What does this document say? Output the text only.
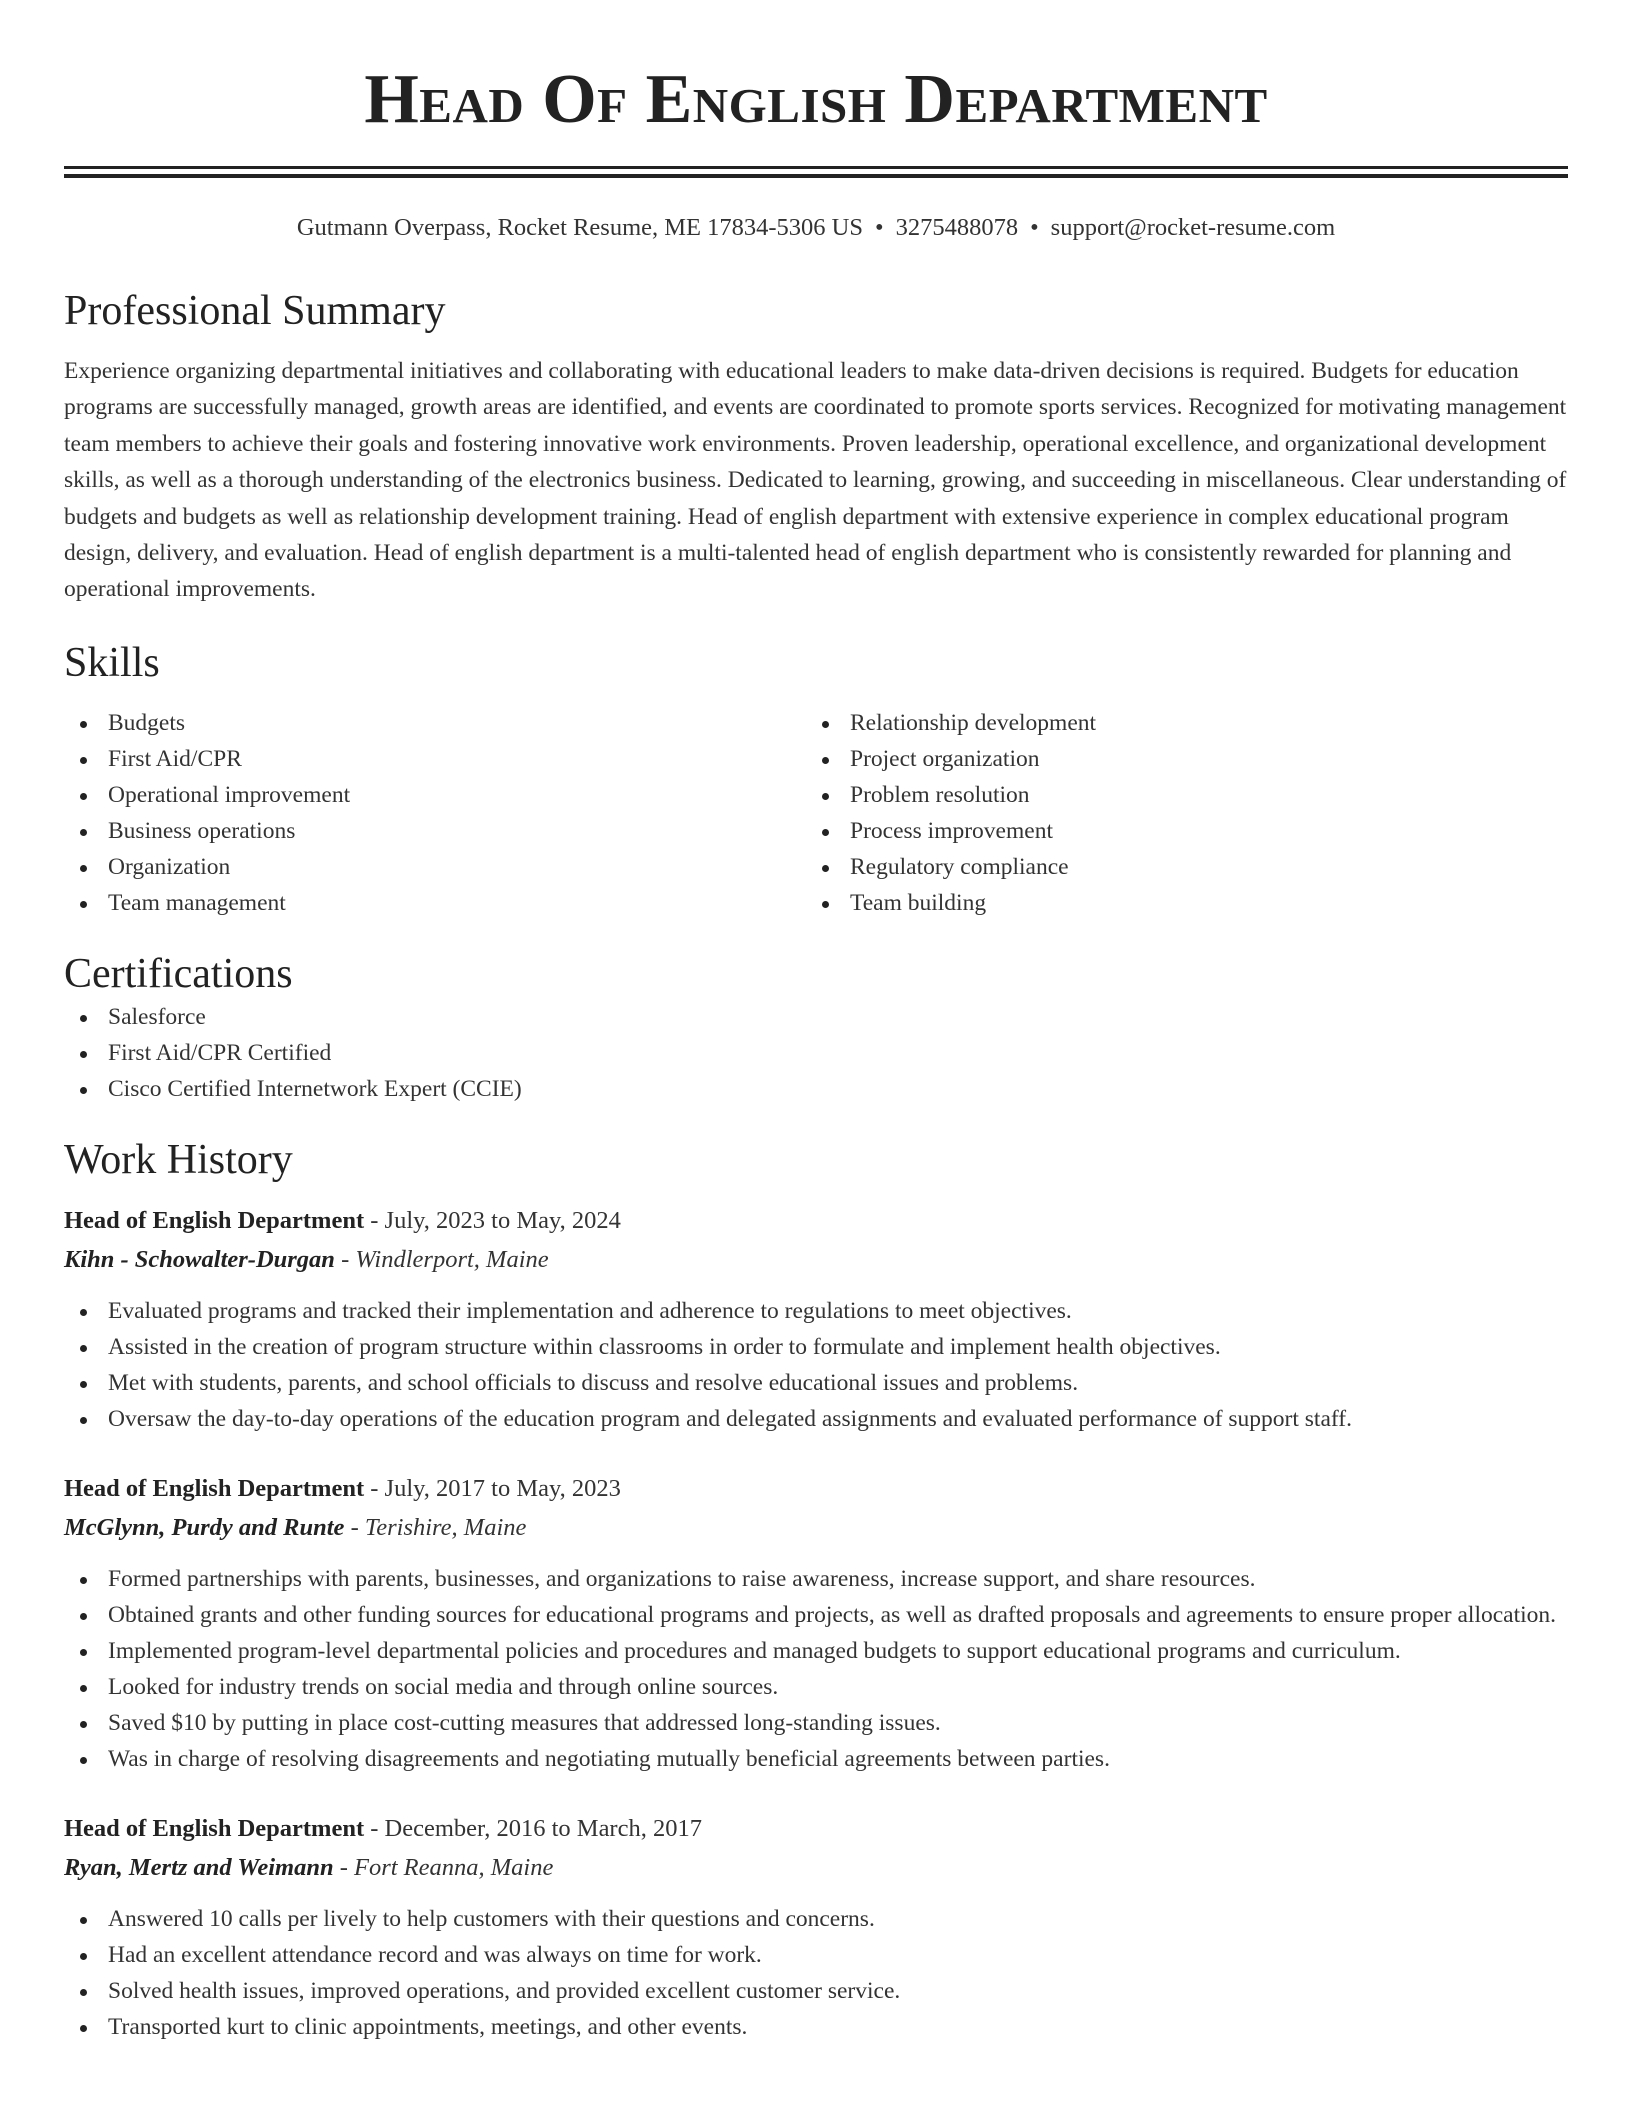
Head Of English Department
Gutmann Overpass, Rocket Resume, ME 17834-5306 US • 3275488078 • support@rocket-resume.com
Professional Summary

Experience organizing departmental initiatives and collaborating with educational leaders to make data-driven decisions is required. Budgets for education programs are successfully managed, growth areas are identified, and events are coordinated to promote sports services. Recognized for motivating management team members to achieve their goals and fostering innovative work environments. Proven leadership, operational excellence, and organizational development skills, as well as a thorough understanding of the electronics business. Dedicated to learning, growing, and succeeding in miscellaneous. Clear understanding of budgets and budgets as well as relationship development training. Head of english department with extensive experience in complex educational program design, delivery, and evaluation. Head of english department is a multi-talented head of english department who is consistently rewarded for planning and operational improvements.

Skills
Budgets
First Aid/CPR
Operational improvement
Business operations
Organization
Team management
Relationship development
Project organization
Problem resolution
Process improvement
Regulatory compliance
Team building
Certifications
Salesforce
First Aid/CPR Certified
Cisco Certified Internetwork Expert (CCIE)
Work History
Head of English Department - July, 2023 to May, 2024
Kihn - Schowalter-Durgan - Windlerport, Maine
Evaluated programs and tracked their implementation and adherence to regulations to meet objectives.
Assisted in the creation of program structure within classrooms in order to formulate and implement health objectives.
Met with students, parents, and school officials to discuss and resolve educational issues and problems.
Oversaw the day-to-day operations of the education program and delegated assignments and evaluated performance of support staff.
Head of English Department - July, 2017 to May, 2023
McGlynn, Purdy and Runte - Terishire, Maine
Formed partnerships with parents, businesses, and organizations to raise awareness, increase support, and share resources.
Obtained grants and other funding sources for educational programs and projects, as well as drafted proposals and agreements to ensure proper allocation.
Implemented program-level departmental policies and procedures and managed budgets to support educational programs and curriculum.
Looked for industry trends on social media and through online sources.
Saved $10 by putting in place cost-cutting measures that addressed long-standing issues.
Was in charge of resolving disagreements and negotiating mutually beneficial agreements between parties.
Head of English Department - December, 2016 to March, 2017
Ryan, Mertz and Weimann - Fort Reanna, Maine
Answered 10 calls per lively to help customers with their questions and concerns.
Had an excellent attendance record and was always on time for work.
Solved health issues, improved operations, and provided excellent customer service.
Transported kurt to clinic appointments, meetings, and other events.
